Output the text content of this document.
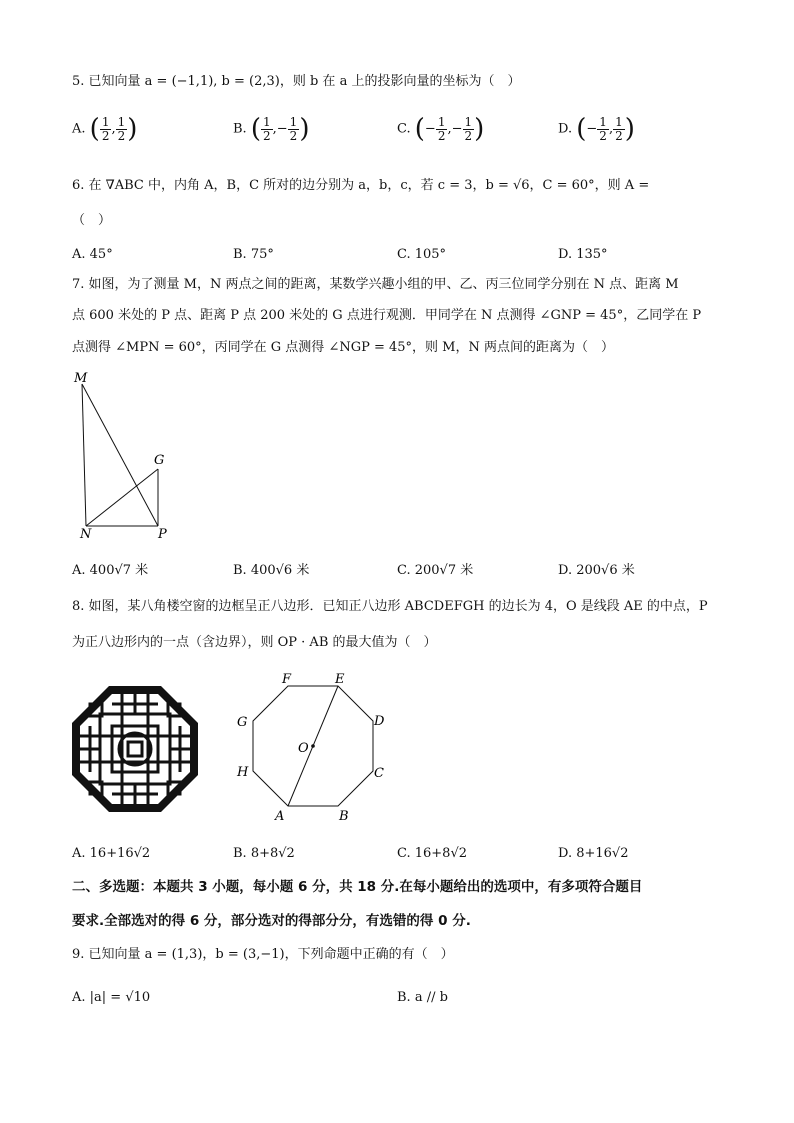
5. 已知向量 a = (−1,1), b = (2,3)，则 b 在 a 上的投影向量的坐标为（　）
A. ( $\frac{1}{2}$ , $\frac{1}{2}$ )	B. ( $\frac{1}{2}$ ,− $\frac{1}{2}$ )	C. (− $\frac{1}{2}$ ,− $\frac{1}{2}$ )	D. (− $\frac{1}{2}$ , $\frac{1}{2}$ )
6. 在 ∇ABC 中，内角 A，B，C 所对的边分别为 a，b，c，若 c = 3，b = √6，C = 60°，则 A =
（　）
A. 45°	B. 75°	C. 105°	D. 135°
7. 如图，为了测量 M，N 两点之间的距离，某数学兴趣小组的甲、乙、丙三位同学分别在 N 点、距离 M
点 600 米处的 P 点、距离 P 点 200 米处的 G 点进行观测．甲同学在 N 点测得 ∠GNP = 45°，乙同学在 P
点测得 ∠MPN = 60°，丙同学在 G 点测得 ∠NGP = 45°，则 M，N 两点间的距离为（　）
M
G
N	P
A. 400√7 米	B. 400√6 米	C. 200√7 米	D. 200√6 米
8. 如图，某八角楼空窗的边框呈正八边形．已知正八边形 ABCDEFGH 的边长为 4，O 是线段 AE 的中点，P
为正八边形内的一点（含边界），则 OP · AB 的最大值为（　）
F	E
D
C
B
A
H
G
O
A. 16+16√2	B. 8+8√2	C. 16+8√2	D. 8+16√2
二、多选题：本题共 3 小题，每小题 6 分，共 18 分.在每小题给出的选项中，有多项符合题目
要求.全部选对的得 6 分，部分选对的得部分分，有选错的得 0 分.
9. 已知向量 a = (1,3)，b = (3,−1)，下列命题中正确的有（　）
A. |a| = √10	B. a // b
